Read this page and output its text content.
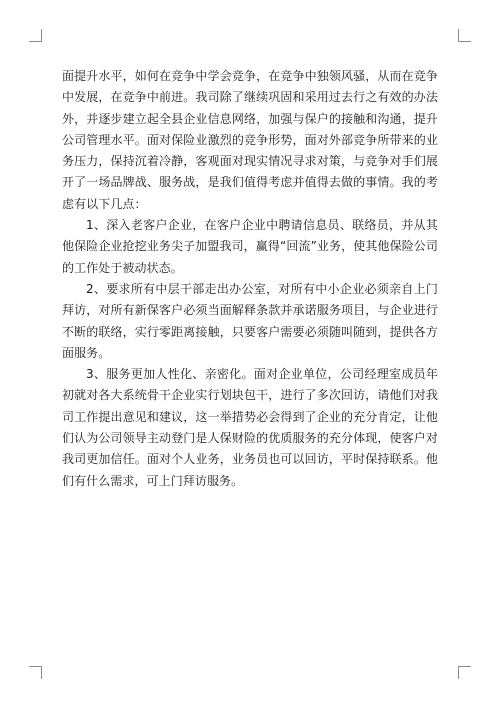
面提升水平，如何在竞争中学会竞争，在竞争中独领风骚，从而在竞争中发展，在竞争中前进。我司除了继续巩固和采用过去行之有效的办法外，并逐步建立起全县企业信息网络，加强与保户的接触和沟通，提升公司管理水平。面对保险业激烈的竞争形势，面对外部竞争所带来的业务压力，保持沉着冷静，客观面对现实情况寻求对策，与竞争对手们展开了一场品牌战、服务战，是我们值得考虑并值得去做的事情。我的考虑有以下几点：

1、深入老客户企业，在客户企业中聘请信息员、联络员，并从其他保险企业抢挖业务尖子加盟我司，赢得“回流”业务，使其他保险公司的工作处于被动状态。

2、要求所有中层干部走出办公室，对所有中小企业必须亲自上门拜访，对所有新保客户必须当面解释条款并承诺服务项目，与企业进行不断的联络，实行零距离接触，只要客户需要必须随叫随到，提供各方面服务。

3、服务更加人性化、亲密化。面对企业单位，公司经理室成员年初就对各大系统骨干企业实行划块包干，进行了多次回访，请他们对我司工作提出意见和建议，这一举措势必会得到了企业的充分肯定，让他们认为公司领导主动登门是人保财险的优质服务的充分体现，使客户对我司更加信任。面对个人业务，业务员也可以回访，平时保持联系。他们有什么需求，可上门拜访服务。
